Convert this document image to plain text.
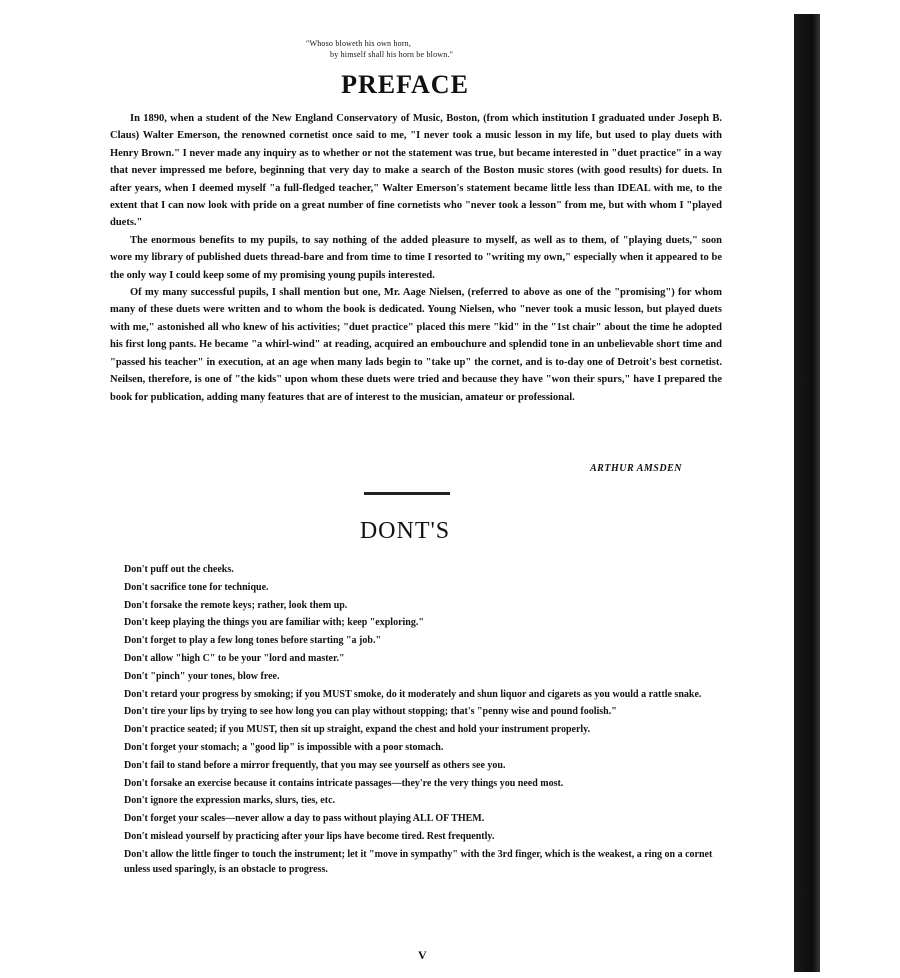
"Whoso bloweth his own horn,
by himself shall his horn be blown."
PREFACE

In 1890, when a student of the New England Conservatory of Music, Boston, (from which institution I graduated under Joseph B. Claus) Walter Emerson, the renowned cornetist once said to me, "I never took a music lesson in my life, but used to play duets with Henry Brown." I never made any inquiry as to whether or not the statement was true, but became interested in "duet practice" in a way that never impressed me before, beginning that very day to make a search of the Boston music stores (with good results) for duets. In after years, when I deemed myself "a full-fledged teacher," Walter Emerson's statement became little less than IDEAL with me, to the extent that I can now look with pride on a great number of fine cornetists who "never took a lesson" from me, but with whom I "played duets."

The enormous benefits to my pupils, to say nothing of the added pleasure to myself, as well as to them, of "playing duets," soon wore my library of published duets thread-bare and from time to time I resorted to "writing my own," especially when it appeared to be the only way I could keep some of my promising young pupils interested.

Of my many successful pupils, I shall mention but one, Mr. Aage Nielsen, (referred to above as one of the "promising") for whom many of these duets were written and to whom the book is dedicated. Young Nielsen, who "never took a music lesson, but played duets with me," astonished all who knew of his activities; "duet practice" placed this mere "kid" in the "1st chair" about the time he adopted his first long pants. He became "a whirl-wind" at reading, acquired an embouchure and splendid tone in an unbelievable short time and "passed his teacher" in execution, at an age when many lads begin to "take up" the cornet, and is to-day one of Detroit's best cornetist. Neilsen, therefore, is one of "the kids" upon whom these duets were tried and because they have "won their spurs," have I prepared the book for publication, adding many features that are of interest to the musician, amateur or professional.

ARTHUR AMSDEN
DONT'S
Don't puff out the cheeks.
Don't sacrifice tone for technique.
Don't forsake the remote keys; rather, look them up.
Don't keep playing the things you are familiar with; keep "exploring."
Don't forget to play a few long tones before starting "a job."
Don't allow "high C" to be your "lord and master."
Don't "pinch" your tones, blow free.
Don't retard your progress by smoking; if you MUST smoke, do it moderately and shun liquor and cigarets as you would a rattle snake.
Don't tire your lips by trying to see how long you can play without stopping; that's "penny wise and pound foolish."
Don't practice seated; if you MUST, then sit up straight, expand the chest and hold your instrument properly.
Don't forget your stomach; a "good lip" is impossible with a poor stomach.
Don't fail to stand before a mirror frequently, that you may see yourself as others see you.
Don't forsake an exercise because it contains intricate passages—they're the very things you need most.
Don't ignore the expression marks, slurs, ties, etc.
Don't forget your scales—never allow a day to pass without playing ALL OF THEM.
Don't mislead yourself by practicing after your lips have become tired. Rest frequently.
Don't allow the little finger to touch the instrument; let it "move in sympathy" with the 3rd finger, which is the weakest, a ring on a cornet unless used sparingly, is an obstacle to progress.
V
